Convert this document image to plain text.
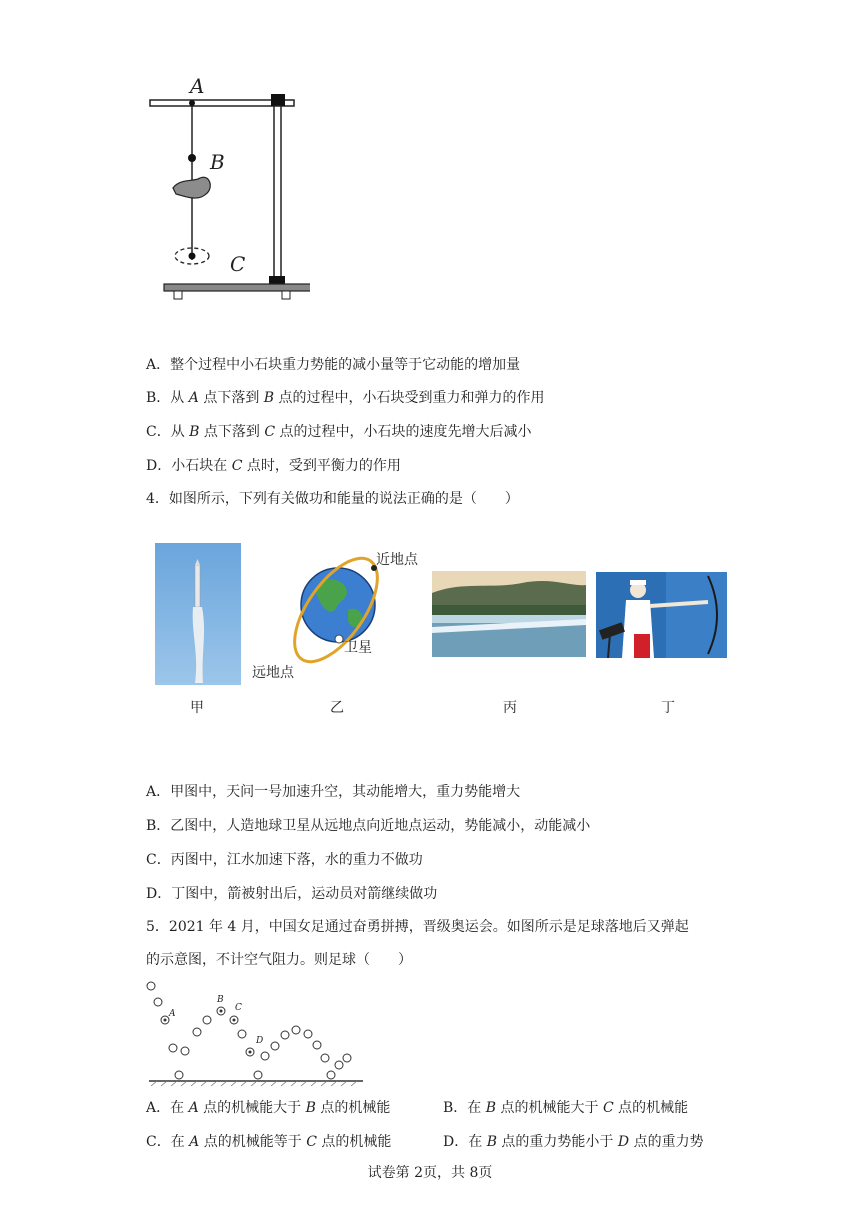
A
B
C
A．整个过程中小石块重力势能的减小量等于它动能的增加量
B．从 A 点下落到 B 点的过程中，小石块受到重力和弹力的作用
C．从 B 点下落到 C 点的过程中，小石块的速度先增大后减小
D．小石块在 C 点时，受到平衡力的作用
4．如图所示，下列有关做功和能量的说法正确的是（　　）
近地点
远地点
卫星
甲	乙	丙	丁
A．甲图中，天问一号加速升空，其动能增大，重力势能增大
B．乙图中，人造地球卫星从远地点向近地点运动，势能减小，动能减小
C．丙图中，江水加速下落，水的重力不做功
D．丁图中，箭被射出后，运动员对箭继续做功
5．2021 年 4 月，中国女足通过奋勇拼搏，晋级奥运会。如图所示是足球落地后又弹起
的示意图，不计空气阻力。则足球（　　）
A
B
C
D
A．在 A 点的机械能大于 B 点的机械能	B．在 B 点的机械能大于 C 点的机械能
C．在 A 点的机械能等于 C 点的机械能	D．在 B 点的重力势能小于 D 点的重力势
试卷第 2页，共 8页
